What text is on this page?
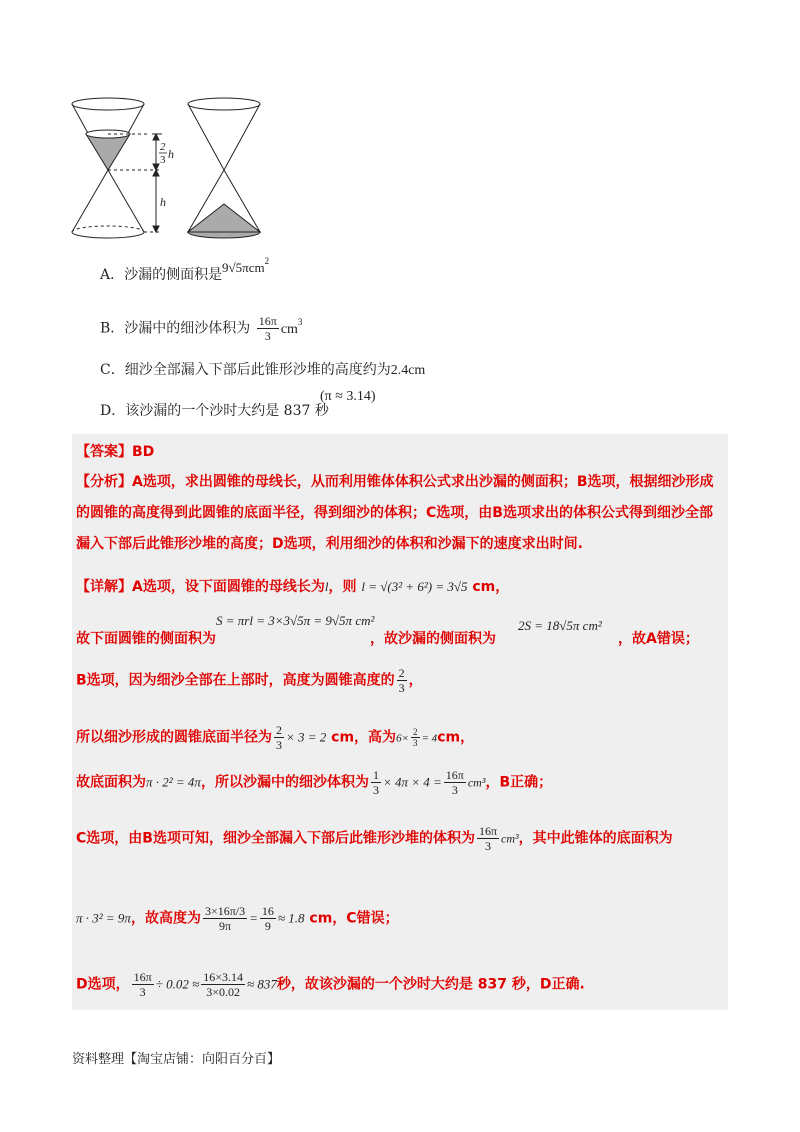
2
3 h
h
A．沙漏的侧面积是 9√5πcm$^2$
B．沙漏中的细沙体积为 $\frac{16\pi}{3} cm^3$
C．细沙全部漏入下部后此锥形沙堆的高度约为2.4cm
D．该沙漏的一个沙时大约是 837 秒
(π ≈ 3.14)
【答案】BD
【分析】A选项，求出圆锥的母线长，从而利用锥体体积公式求出沙漏的侧面积；B选项，根据细沙形成
的圆锥的高度得到此圆锥的底面半径，得到细沙的体积；C选项，由B选项求出的体积公式得到细沙全部
漏入下部后此锥形沙堆的高度；D选项，利用细沙的体积和沙漏下的速度求出时间.
【详解】A选项，设下面圆锥的母线长为l，则 l = √(3² + 6²) = 3√5 cm，
S = πrl = 3×3√5π = 9√5π cm²
故下面圆锥的侧面积为	，故沙漏的侧面积为
2S = 18√5π cm²
，故A错误；
B选项，因为细沙全部在上部时，高度为圆锥高度的 $\frac{2}{3}$ ，
所以细沙形成的圆锥底面半径为 $\frac{2}{3} \times 3 = 2$ cm，高为$6\times \frac{2}{3} = 4cm$，
故底面积为π · 2² = 4π，所以沙漏中的细沙体积为 $\frac{1}{3} \times 4\pi \times 4 = \frac{16\pi}{3} cm^3$，B正确；
C选项，由B选项可知，细沙全部漏入下部后此锥形沙堆的体积为 $\frac{16\pi}{3} cm^3$，其中此锥体的底面积为
π · 3² = 9π，故高度为 $\frac{3\times 16\pi/3}{9\pi} = \frac{16}{9} \approx 1.8$ cm，C错误；
D选项， $\frac{16\pi}{3} \div 0.02 \approx \frac{16\times 3.14}{3\times 0.02} \approx 837$秒，故该沙漏的一个沙时大约是 837 秒，D正确.
资料整理【淘宝店铺：向阳百分百】
